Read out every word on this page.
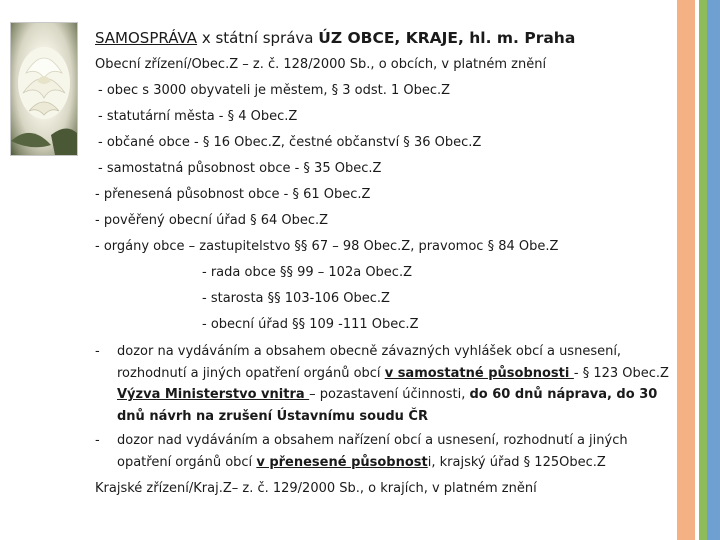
SAMOSPRÁVA x státní správa ÚZ OBCE, KRAJE, hl. m. Praha
Obecní zřízení/Obec.Z – z. č. 128/2000 Sb., o obcích, v platném znění
- obec s 3000 obyvateli je městem, § 3 odst. 1 Obec.Z
- statutární města - § 4 Obec.Z
- občané obce - § 16 Obec.Z, čestné občanství § 36 Obec.Z
- samostatná působnost obce - § 35 Obec.Z
- přenesená působnost obce - § 61 Obec.Z
- pověřený obecní úřad § 64 Obec.Z
- orgány obce – zastupitelstvo §§ 67 – 98 Obec.Z, pravomoc § 84 Obe.Z
- rada obce §§ 99 – 102a Obec.Z
- starosta §§ 103-106 Obec.Z
- obecní úřad §§ 109 -111 Obec.Z
- dozor na vydáváním a obsahem obecně závazných vyhlášek obcí a usnesení, rozhodnutí a jiných opatření orgánů obcí v samostatné působnosti - § 123 Obec.Z Výzva Ministerstvo vnitra – pozastavení účinnosti, do 60 dnů náprava, do 30 dnů návrh na zrušení Ústavnímu soudu ČR
- dozor nad vydáváním a obsahem nařízení obcí a usnesení, rozhodnutí a jiných opatření orgánů obcí v přenesené působnosti, krajský úřad § 125Obec.Z
Krajské zřízení/Kraj.Z– z. č. 129/2000 Sb., o krajích, v platném znění
